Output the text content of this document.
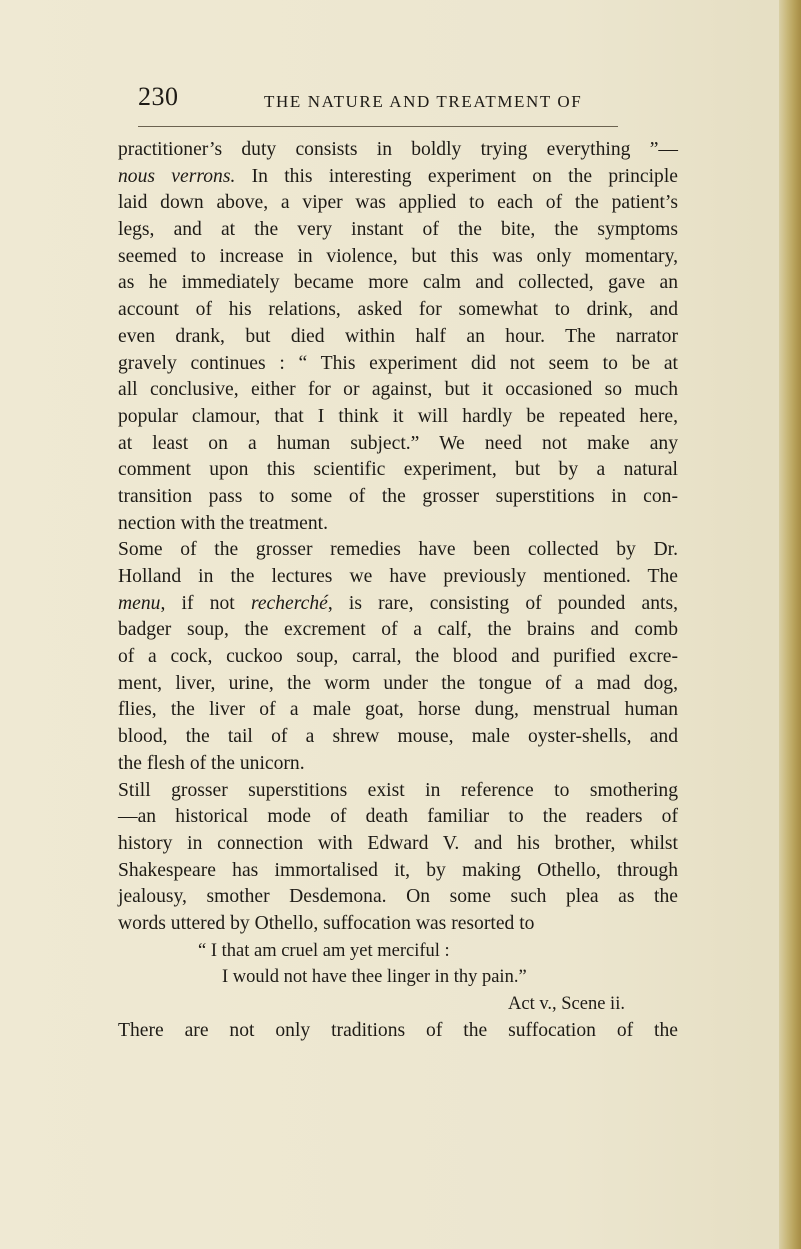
230	THE NATURE AND TREATMENT OF
practitioner’s duty consists in boldly trying everything ”—
nous verrons. In this interesting experiment on the principle
laid down above, a viper was applied to each of the patient’s
legs, and at the very instant of the bite, the symptoms
seemed to increase in violence, but this was only momentary,
as he immediately became more calm and collected, gave an
account of his relations, asked for somewhat to drink, and
even drank, but died within half an hour. The narrator
gravely continues : “ This experiment did not seem to be at
all conclusive, either for or against, but it occasioned so much
popular clamour, that I think it will hardly be repeated here,
at least on a human subject.” We need not make any
comment upon this scientific experiment, but by a natural
transition pass to some of the grosser superstitions in con-
nection with the treatment.
Some of the grosser remedies have been collected by Dr.
Holland in the lectures we have previously mentioned. The
menu, if not recherché, is rare, consisting of pounded ants,
badger soup, the excrement of a calf, the brains and comb
of a cock, cuckoo soup, carral, the blood and purified excre-
ment, liver, urine, the worm under the tongue of a mad dog,
flies, the liver of a male goat, horse dung, menstrual human
blood, the tail of a shrew mouse, male oyster-shells, and
the flesh of the unicorn.
Still grosser superstitions exist in reference to smothering
—an historical mode of death familiar to the readers of
history in connection with Edward V. and his brother, whilst
Shakespeare has immortalised it, by making Othello, through
jealousy, smother Desdemona. On some such plea as the
words uttered by Othello, suffocation was resorted to
“ I that am cruel am yet merciful :
I would not have thee linger in thy pain.”
Act v., Scene ii.
There are not only traditions of the suffocation of the
